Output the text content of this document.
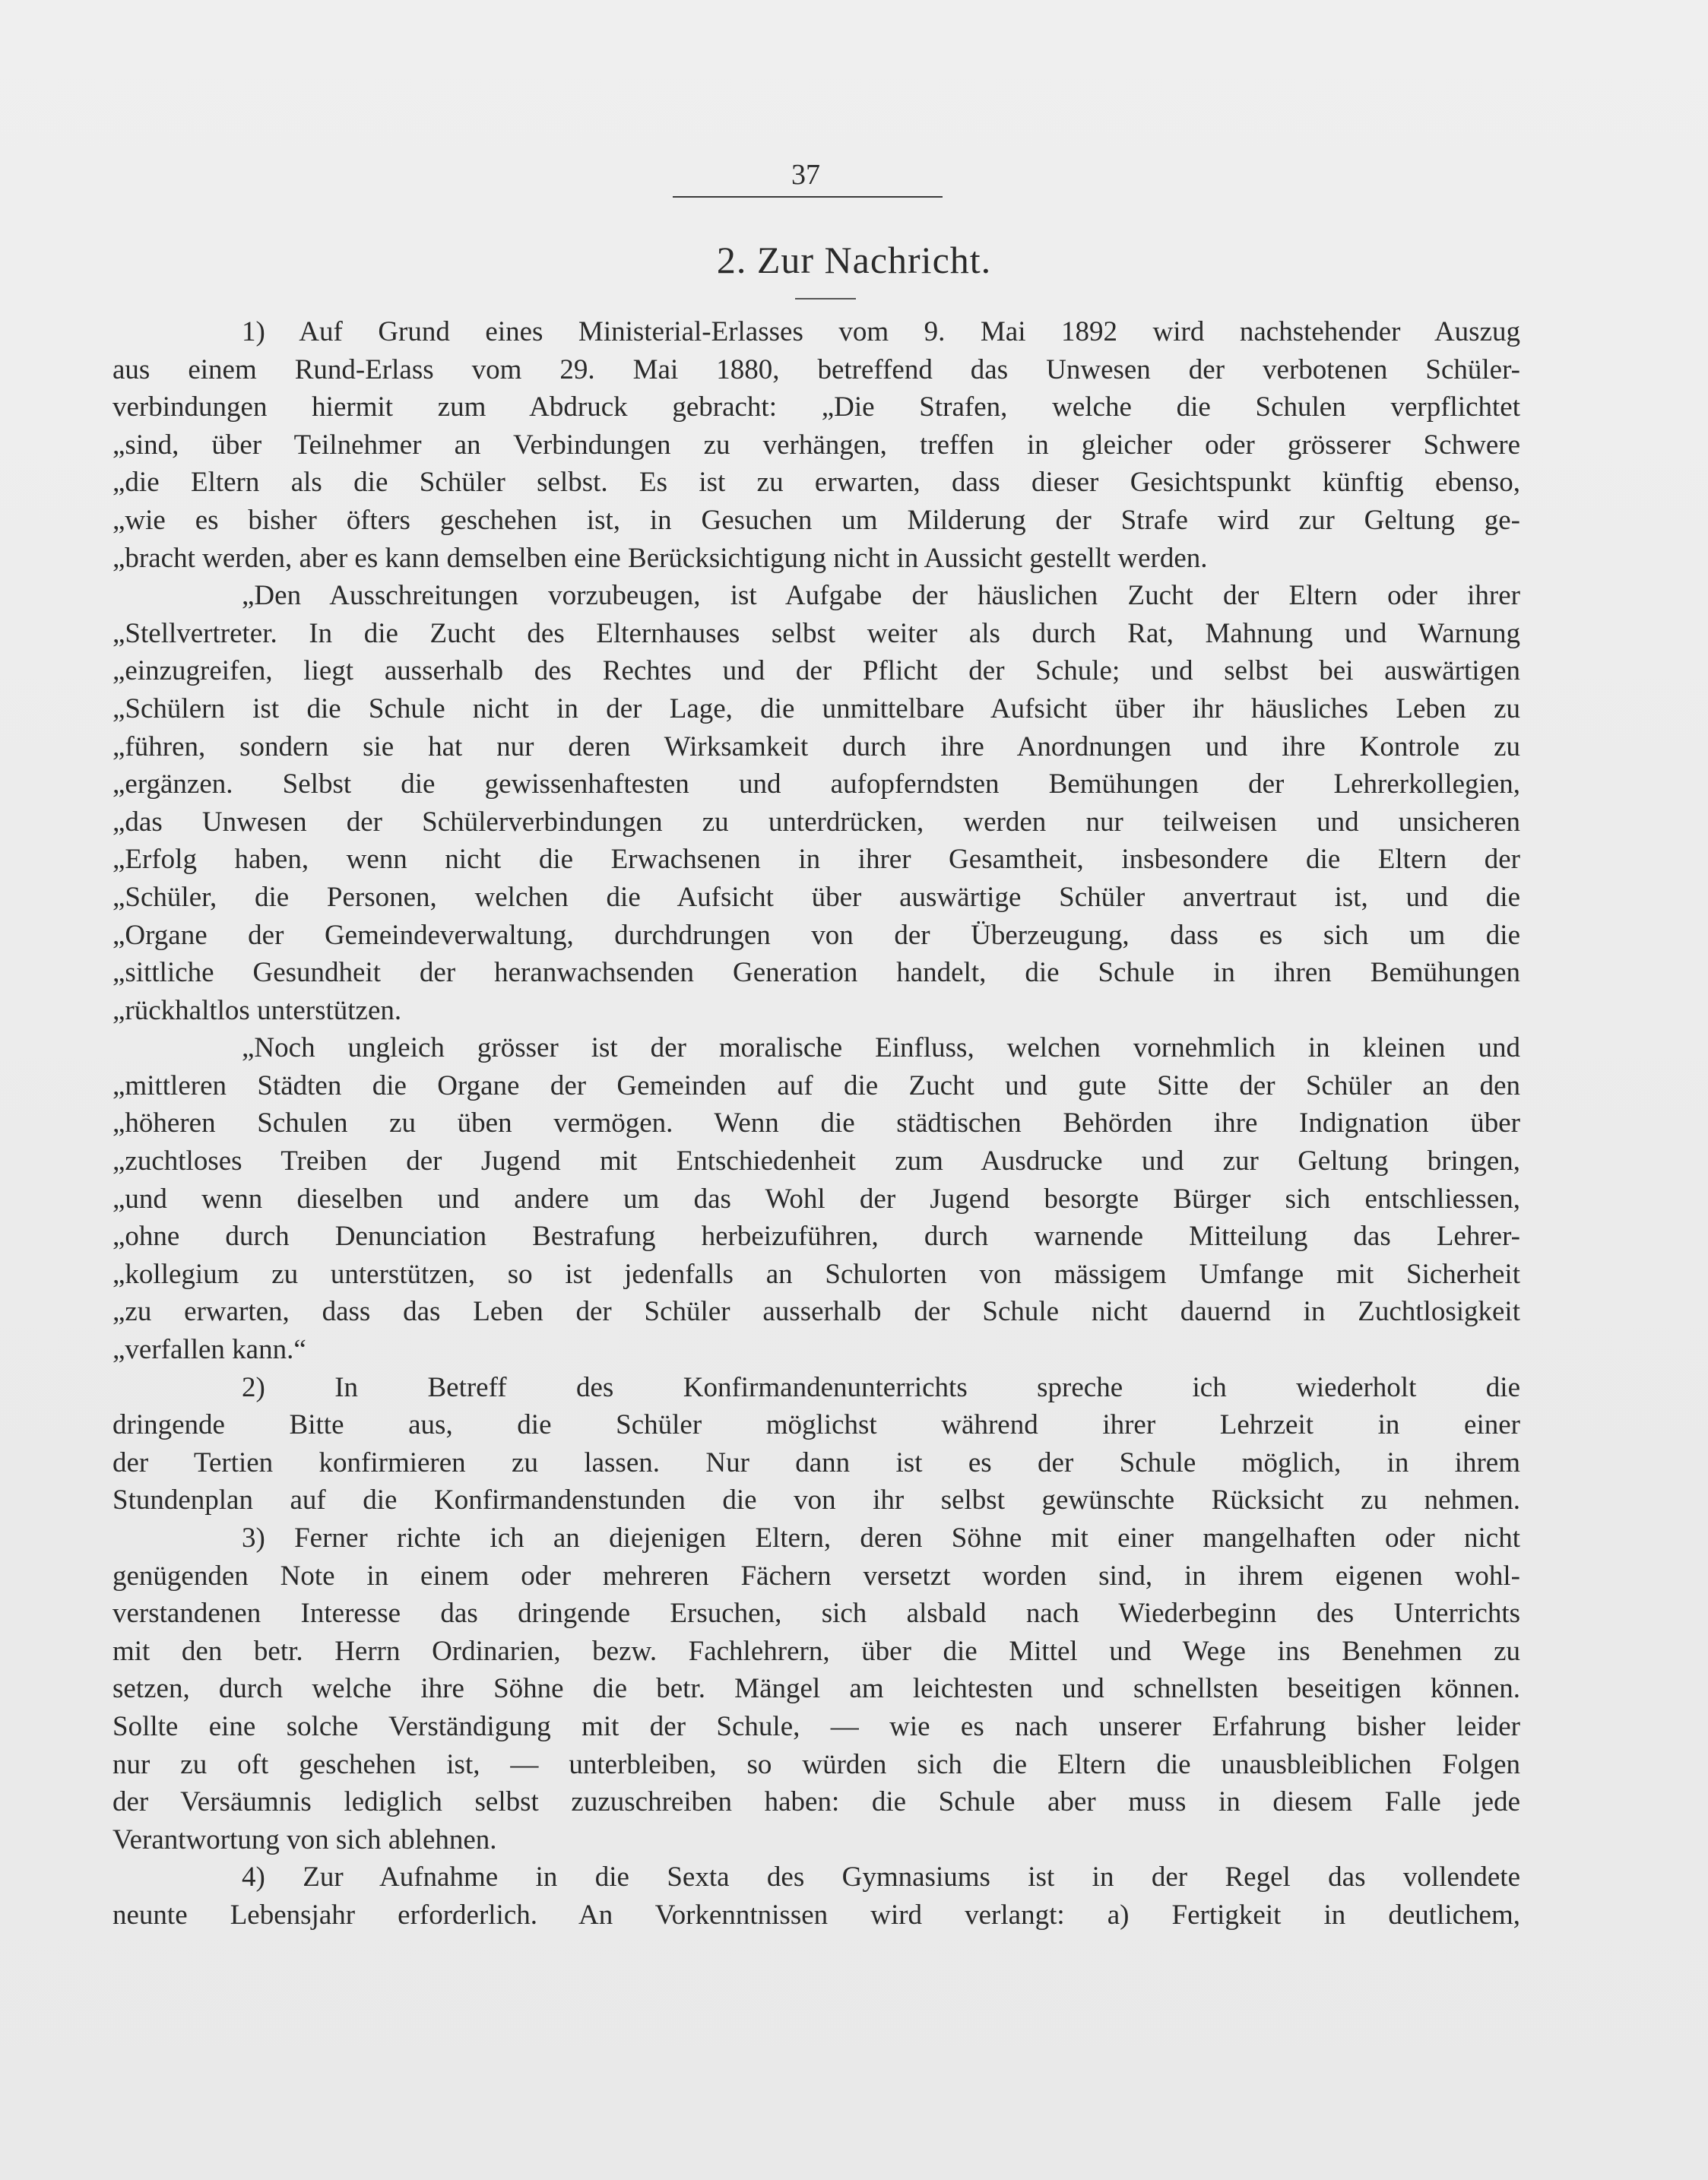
37
2. Zur Nachricht.
1) Auf Grund eines Ministerial-Erlasses vom 9. Mai 1892 wird nachstehender Auszug
aus einem Rund-Erlass vom 29. Mai 1880, betreffend das Unwesen der verbotenen Schüler-
verbindungen hiermit zum Abdruck gebracht: „Die Strafen, welche die Schulen verpflichtet
„sind, über Teilnehmer an Verbindungen zu verhängen, treffen in gleicher oder grösserer Schwere
„die Eltern als die Schüler selbst. Es ist zu erwarten, dass dieser Gesichtspunkt künftig ebenso,
„wie es bisher öfters geschehen ist, in Gesuchen um Milderung der Strafe wird zur Geltung ge-
„bracht werden, aber es kann demselben eine Berücksichtigung nicht in Aussicht gestellt werden.
„Den Ausschreitungen vorzubeugen, ist Aufgabe der häuslichen Zucht der Eltern oder ihrer
„Stellvertreter. In die Zucht des Elternhauses selbst weiter als durch Rat, Mahnung und Warnung
„einzugreifen, liegt ausserhalb des Rechtes und der Pflicht der Schule; und selbst bei auswärtigen
„Schülern ist die Schule nicht in der Lage, die unmittelbare Aufsicht über ihr häusliches Leben zu
„führen, sondern sie hat nur deren Wirksamkeit durch ihre Anordnungen und ihre Kontrole zu
„ergänzen. Selbst die gewissenhaftesten und aufopferndsten Bemühungen der Lehrerkollegien,
„das Unwesen der Schülerverbindungen zu unterdrücken, werden nur teilweisen und unsicheren
„Erfolg haben, wenn nicht die Erwachsenen in ihrer Gesamtheit, insbesondere die Eltern der
„Schüler, die Personen, welchen die Aufsicht über auswärtige Schüler anvertraut ist, und die
„Organe der Gemeindeverwaltung, durchdrungen von der Überzeugung, dass es sich um die
„sittliche Gesundheit der heranwachsenden Generation handelt, die Schule in ihren Bemühungen
„rückhaltlos unterstützen.
„Noch ungleich grösser ist der moralische Einfluss, welchen vornehmlich in kleinen und
„mittleren Städten die Organe der Gemeinden auf die Zucht und gute Sitte der Schüler an den
„höheren Schulen zu üben vermögen. Wenn die städtischen Behörden ihre Indignation über
„zuchtloses Treiben der Jugend mit Entschiedenheit zum Ausdrucke und zur Geltung bringen,
„und wenn dieselben und andere um das Wohl der Jugend besorgte Bürger sich entschliessen,
„ohne durch Denunciation Bestrafung herbeizuführen, durch warnende Mitteilung das Lehrer-
„kollegium zu unterstützen, so ist jedenfalls an Schulorten von mässigem Umfange mit Sicherheit
„zu erwarten, dass das Leben der Schüler ausserhalb der Schule nicht dauernd in Zuchtlosigkeit
„verfallen kann.“
2) In Betreff des Konfirmandenunterrichts spreche ich wiederholt die
dringende Bitte aus, die Schüler möglichst während ihrer Lehrzeit in einer
der Tertien konfirmieren zu lassen. Nur dann ist es der Schule möglich, in ihrem
Stundenplan auf die Konfirmandenstunden die von ihr selbst gewünschte Rücksicht zu nehmen.
3) Ferner richte ich an diejenigen Eltern, deren Söhne mit einer mangelhaften oder nicht
genügenden Note in einem oder mehreren Fächern versetzt worden sind, in ihrem eigenen wohl-
verstandenen Interesse das dringende Ersuchen, sich alsbald nach Wiederbeginn des Unterrichts
mit den betr. Herrn Ordinarien, bezw. Fachlehrern, über die Mittel und Wege ins Benehmen zu
setzen, durch welche ihre Söhne die betr. Mängel am leichtesten und schnellsten beseitigen können.
Sollte eine solche Verständigung mit der Schule, — wie es nach unserer Erfahrung bisher leider
nur zu oft geschehen ist, — unterbleiben, so würden sich die Eltern die unausbleiblichen Folgen
der Versäumnis lediglich selbst zuzuschreiben haben: die Schule aber muss in diesem Falle jede
Verantwortung von sich ablehnen.
4) Zur Aufnahme in die Sexta des Gymnasiums ist in der Regel das vollendete
neunte Lebensjahr erforderlich. An Vorkenntnissen wird verlangt: a) Fertigkeit in deutlichem,
